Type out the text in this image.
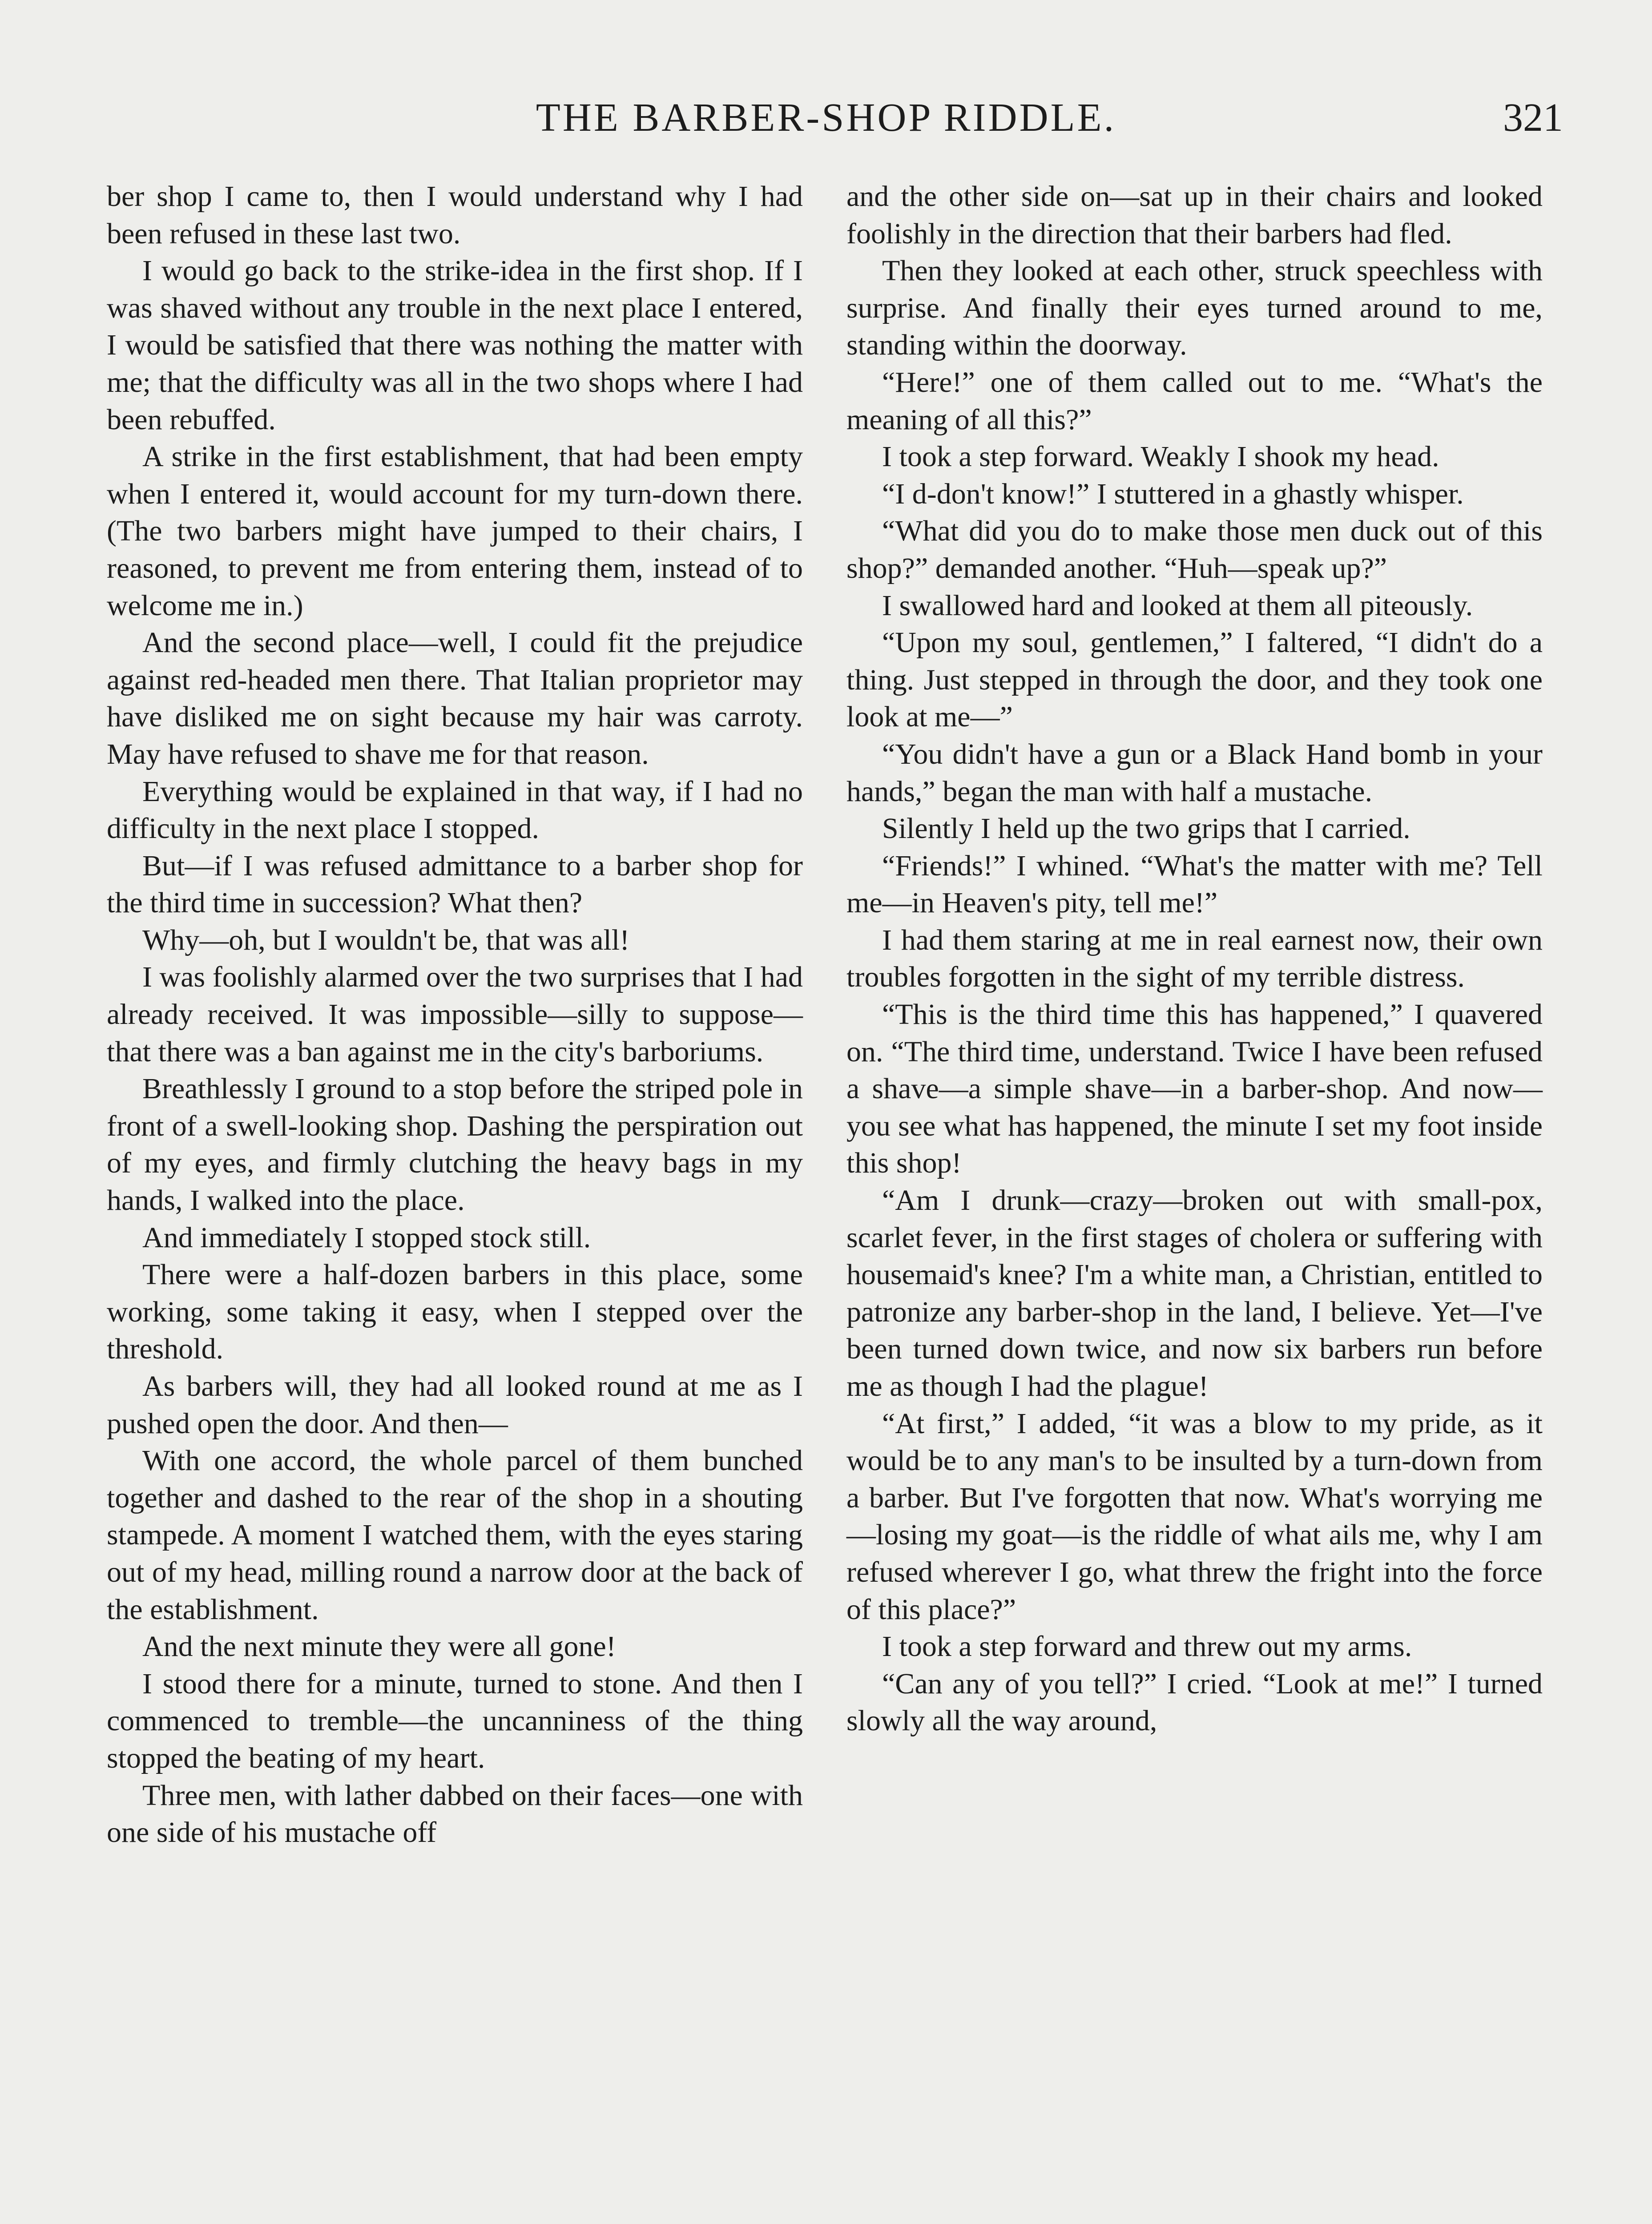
THE BARBER-SHOP RIDDLE.	321

ber shop I came to, then I would understand why I had been refused in these last two.

I would go back to the strike-idea in the first shop. If I was shaved without any trouble in the next place I entered, I would be satisfied that there was nothing the matter with me; that the difficulty was all in the two shops where I had been rebuffed.

A strike in the first establishment, that had been empty when I entered it, would account for my turn-down there. (The two barbers might have jumped to their chairs, I reasoned, to prevent me from entering them, instead of to welcome me in.)

And the second place—well, I could fit the prejudice against red-headed men there. That Italian proprietor may have disliked me on sight because my hair was carroty. May have refused to shave me for that reason.

Everything would be explained in that way, if I had no difficulty in the next place I stopped.

But—if I was refused admittance to a barber shop for the third time in succession? What then?

Why—oh, but I wouldn't be, that was all!

I was foolishly alarmed over the two surprises that I had already received. It was impossible—silly to suppose—that there was a ban against me in the city's barboriums.

Breathlessly I ground to a stop before the striped pole in front of a swell-looking shop. Dashing the perspiration out of my eyes, and firmly clutching the heavy bags in my hands, I walked into the place.

And immediately I stopped stock still.

There were a half-dozen barbers in this place, some working, some taking it easy, when I stepped over the threshold.

As barbers will, they had all looked round at me as I pushed open the door. And then—

With one accord, the whole parcel of them bunched together and dashed to the rear of the shop in a shouting stampede. A moment I watched them, with the eyes staring out of my head, milling round a narrow door at the back of the establishment.

And the next minute they were all gone!

I stood there for a minute, turned to stone. And then I commenced to tremble—the uncanniness of the thing stopped the beating of my heart.

Three men, with lather dabbed on their faces—one with one side of his mustache off

and the other side on—sat up in their chairs and looked foolishly in the direction that their barbers had fled.

Then they looked at each other, struck speechless with surprise. And finally their eyes turned around to me, standing within the doorway.

“Here!” one of them called out to me. “What's the meaning of all this?”

I took a step forward. Weakly I shook my head.

“I d-don't know!” I stuttered in a ghastly whisper.

“What did you do to make those men duck out of this shop?” demanded another. “Huh—speak up?”

I swallowed hard and looked at them all piteously.

“Upon my soul, gentlemen,” I faltered, “I didn't do a thing. Just stepped in through the door, and they took one look at me—”

“You didn't have a gun or a Black Hand bomb in your hands,” began the man with half a mustache.

Silently I held up the two grips that I carried.

“Friends!” I whined. “What's the matter with me? Tell me—in Heaven's pity, tell me!”

I had them staring at me in real earnest now, their own troubles forgotten in the sight of my terrible distress.

“This is the third time this has happened,” I quavered on. “The third time, understand. Twice I have been refused a shave—a simple shave—in a barber-shop. And now—you see what has happened, the minute I set my foot inside this shop!

“Am I drunk—crazy—broken out with small-pox, scarlet fever, in the first stages of cholera or suffering with housemaid's knee? I'm a white man, a Christian, entitled to patronize any barber-shop in the land, I believe. Yet—I've been turned down twice, and now six barbers run before me as though I had the plague!

“At first,” I added, “it was a blow to my pride, as it would be to any man's to be insulted by a turn-down from a barber. But I've forgotten that now. What's worrying me—losing my goat—is the riddle of what ails me, why I am refused wherever I go, what threw the fright into the force of this place?”

I took a step forward and threw out my arms.

“Can any of you tell?” I cried. “Look at me!” I turned slowly all the way around,
